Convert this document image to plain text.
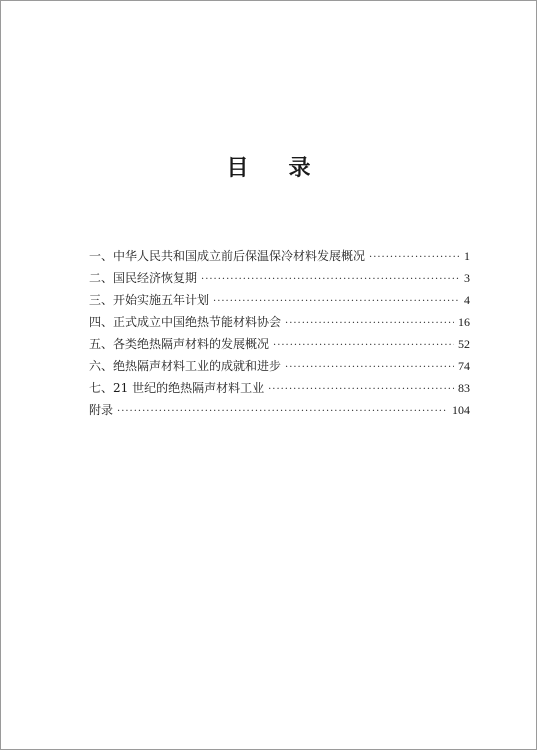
目 录
一、中华人民共和国成立前后保温保冷材料发展概况 ·····	1
二、国民经济恢复期 ·····	3
三、开始实施五年计划 ·····	4
四、正式成立中国绝热节能材料协会 ·····	16
五、各类绝热隔声材料的发展概况 ·····	52
六、绝热隔声材料工业的成就和进步 ·····	74
七、21 世纪的绝热隔声材料工业 ·····	83
附录 ·····	104
